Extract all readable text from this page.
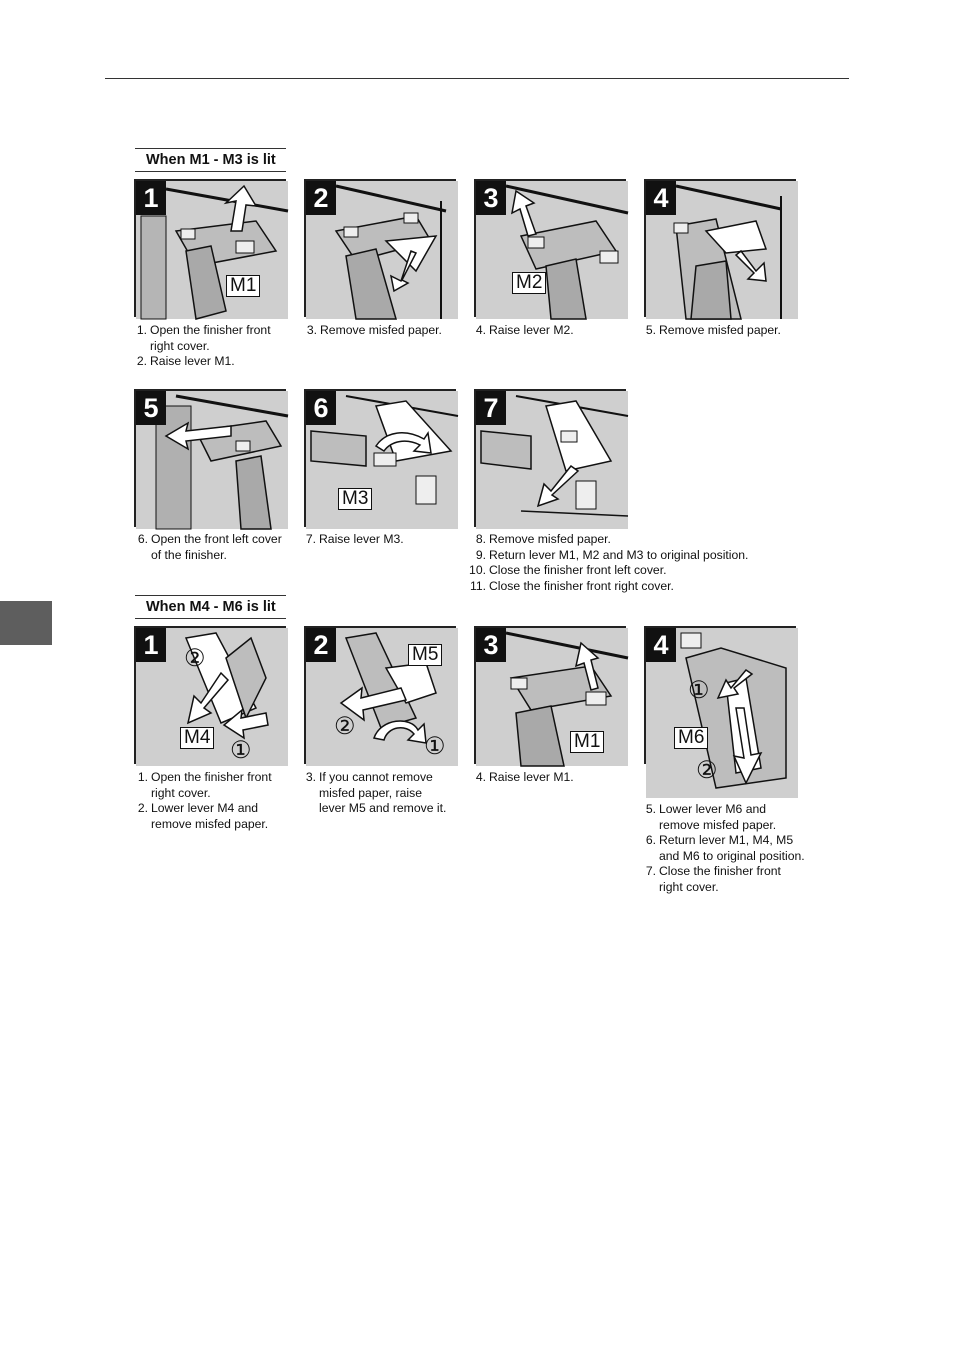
When M1 - M3 is lit
1
M1
2	3
M2
4
1. Open the finisher front
right cover.
2. Raise lever M1.
3. Remove misfed paper.	4. Raise lever M2.	5. Remove misfed paper.
5	6
M3
7
6. Open the front left cover
of the finisher.
7. Raise lever M3.	8. Remove misfed paper.
9. Return lever M1, M2 and M3 to original position.
10. Close the finisher front left cover.
11. Close the finisher front right cover.
When M4 - M6 is lit
1
M4
②
①
2	M5
②
①
3
M1
4
M6
①
②
1. Open the finisher front
right cover.
2. Lower lever M4 and
remove misfed paper.
3. If you cannot remove
misfed paper, raise
lever M5 and remove it.
4. Raise lever M1.
5. Lower lever M6 and
remove misfed paper.
6. Return lever M1, M4, M5
and M6 to original position.
7. Close the finisher front
right cover.
